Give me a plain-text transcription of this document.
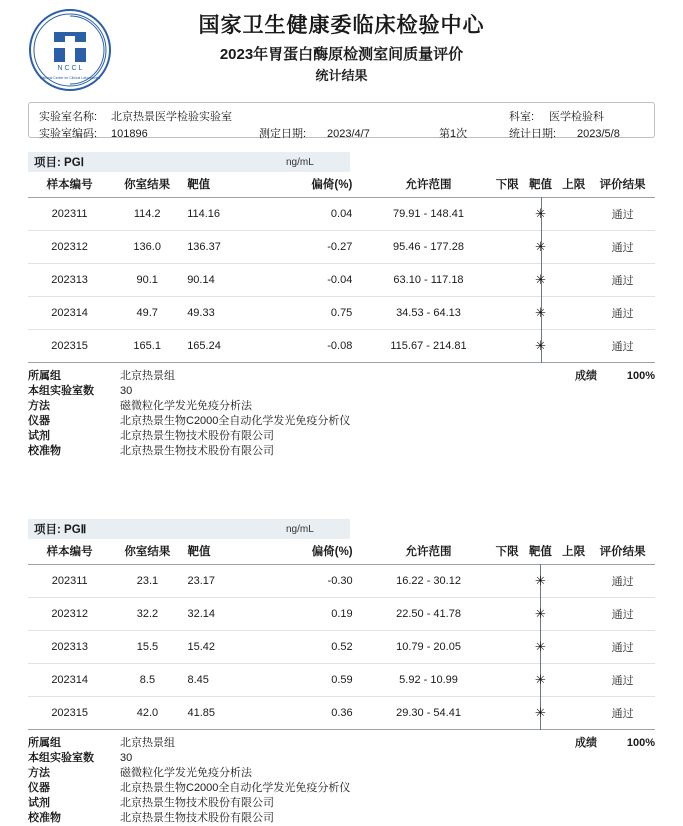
N C C L
National Center for Clinical Laboratories
国家卫生健康委临床检验中心
2023年胃蛋白酶原检测室间质量评价
统计结果
实验室名称: 北京热景医学检验实验室	科室: 医学检验科
实验室编码: 101896	测定日期: 2023/4/7	第1次	统计日期: 2023/5/8
项目: PGⅠ	ng/mL
样本编号	你室结果	靶值	偏倚(%)	允许范围	下限	靶值	上限	评价结果
202311	114.2	114.16	0.04	79.91 ‑ 148.41		✳		通过
202312	136.0	136.37	-0.27	95.46 ‑ 177.28		✳		通过
202313	90.1	90.14	-0.04	63.10 ‑ 117.18		✳		通过
202314	49.7	49.33	0.75	34.53 ‑ 64.13		✳		通过
202315	165.1	165.24	-0.08	115.67 ‑ 214.81		✳		通过
所属组	北京热景组	成绩	100%
本组实验室数	30
方法	磁微粒化学发光免疫分析法
仪器	北京热景生物C2000全自动化学发光免疫分析仪
试剂	北京热景生物技术股份有限公司
校准物	北京热景生物技术股份有限公司
项目: PGⅡ	ng/mL
样本编号	你室结果	靶值	偏倚(%)	允许范围	下限	靶值	上限	评价结果
202311	23.1	23.17	-0.30	16.22 ‑ 30.12		✳		通过
202312	32.2	32.14	0.19	22.50 ‑ 41.78		✳		通过
202313	15.5	15.42	0.52	10.79 ‑ 20.05		✳		通过
202314	8.5	8.45	0.59	5.92 ‑ 10.99		✳		通过
202315	42.0	41.85	0.36	29.30 ‑ 54.41		✳		通过
所属组	北京热景组	成绩	100%
本组实验室数	30
方法	磁微粒化学发光免疫分析法
仪器	北京热景生物C2000全自动化学发光免疫分析仪
试剂	北京热景生物技术股份有限公司
校准物	北京热景生物技术股份有限公司
